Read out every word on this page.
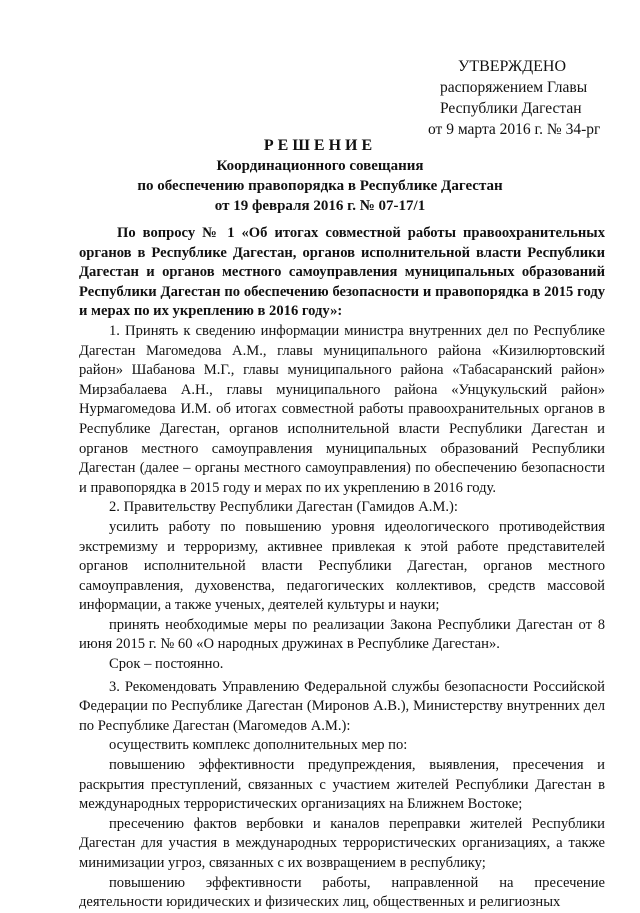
УТВЕРЖДЕНО
распоряжением Главы
Республики Дагестан
от 9 марта 2016 г. № 34-рг
РЕШЕНИЕ
Координационного совещания
по обеспечению правопорядка в Республике Дагестан
от 19 февраля 2016 г. № 07-17/1

По вопросу № 1 «Об итогах совместной работы правоохранительных органов в Республике Дагестан, органов исполнительной власти Республики Дагестан и органов местного самоуправления муниципальных образований Республики Дагестан по обеспечению безопасности и правопорядка в 2015 году и мерах по их укреплению в 2016 году»:

1. Принять к сведению информации министра внутренних дел по Республике Дагестан Магомедова А.М., главы муниципального района «Кизилюртовский район» Шабанова М.Г., главы муниципального района «Табасаранский район» Мирзабалаева А.Н., главы муниципального района «Унцукульский район» Нурмагомедова И.М. об итогах совместной работы правоохранительных органов в Республике Дагестан, органов исполнительной власти Республики Дагестан и органов местного самоуправления муниципальных образований Республики Дагестан (далее – органы местного самоуправления) по обеспечению безопасности и правопорядка в 2015 году и мерах по их укреплению в 2016 году.

2. Правительству Республики Дагестан (Гамидов А.М.):

усилить работу по повышению уровня идеологического противодействия экстремизму и терроризму, активнее привлекая к этой работе представителей органов исполнительной власти Республики Дагестан, органов местного самоуправления, духовенства, педагогических коллективов, средств массовой информации, а также ученых, деятелей культуры и науки;

принять необходимые меры по реализации Закона Республики Дагестан от 8 июня 2015 г. № 60 «О народных дружинах в Республике Дагестан».

Срок – постоянно.

3. Рекомендовать Управлению Федеральной службы безопасности Российской Федерации по Республике Дагестан (Миронов А.В.), Министерству внутренних дел по Республике Дагестан (Магомедов А.М.):

осуществить комплекс дополнительных мер по:

повышению эффективности предупреждения, выявления, пресечения и раскрытия преступлений, связанных с участием жителей Республики Дагестан в международных террористических организациях на Ближнем Востоке;

пресечению фактов вербовки и каналов переправки жителей Республики Дагестан для участия в международных террористических организациях, а также минимизации угроз, связанных с их возвращением в республику;

повышению эффективности работы, направленной на пресечение деятельности юридических и физических лиц, общественных и религиозных
